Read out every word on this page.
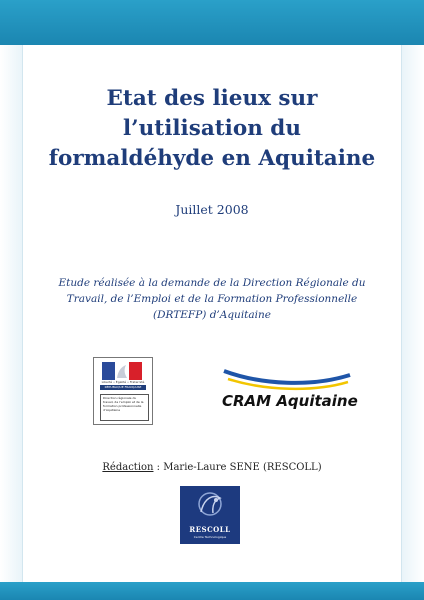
Etat des lieux sur
l’utilisation du
formaldéhyde en Aquitaine
Juillet 2008
Etude réalisée à la demande de la Direction Régionale du
Travail, de l’Emploi et de la Formation Professionnelle
(DRTEFP) d’Aquitaine
Liberté • Égalité • Fraternité
RÉPUBLIQUE FRANÇAISE
Direction régionale du travail, de l’emploi et de la formation professionnelle d’Aquitaine	CRAM Aquitaine
Rédaction : Marie-Laure SENE (RESCOLL)
RESCOLL
Centre Technologique
